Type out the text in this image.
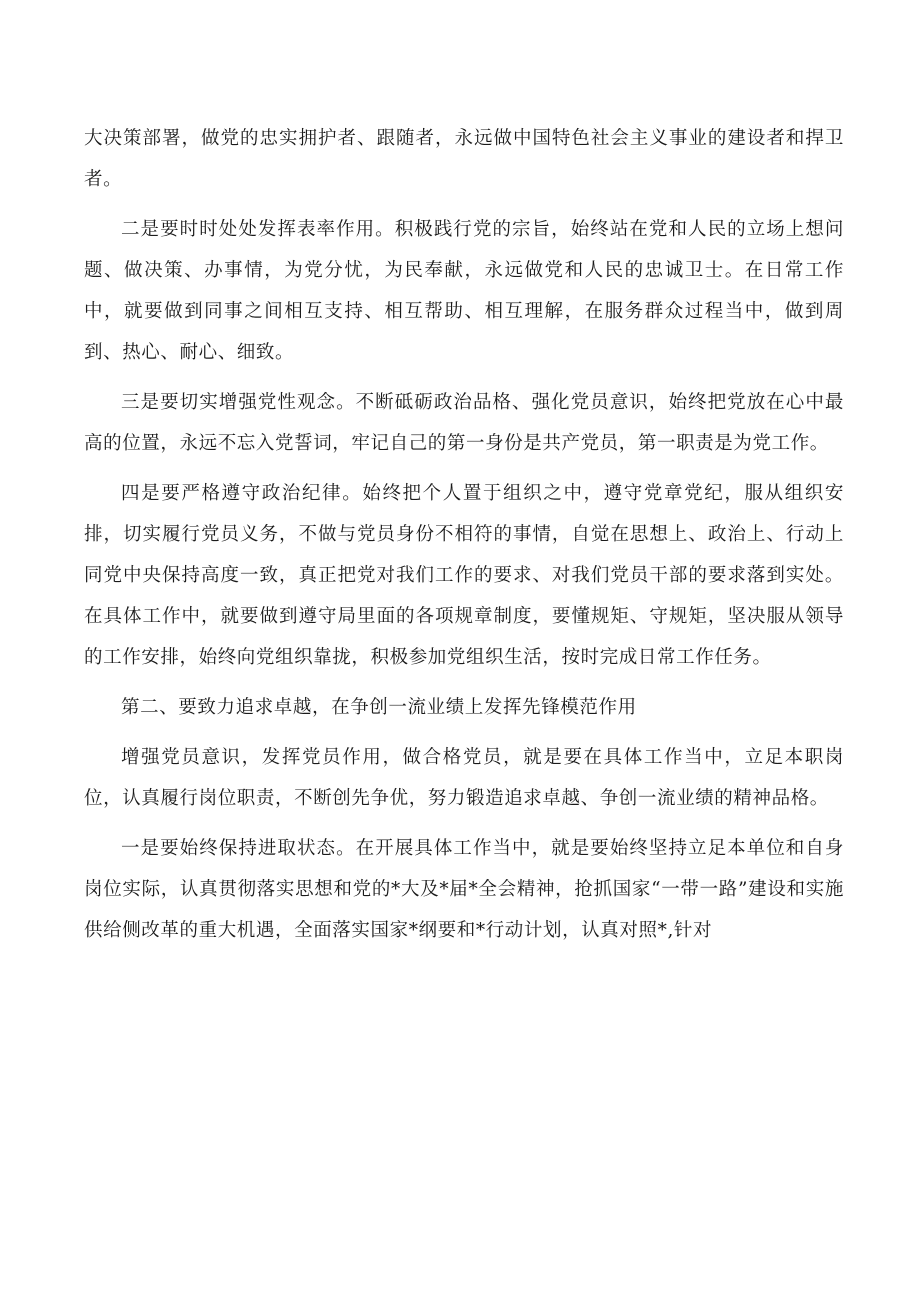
大决策部署，做党的忠实拥护者、跟随者，永远做中国特色社会主义事业的建设者和捍卫者。

二是要时时处处发挥表率作用。积极践行党的宗旨，始终站在党和人民的立场上想问题、做决策、办事情，为党分忧，为民奉献，永远做党和人民的忠诚卫士。在日常工作中，就要做到同事之间相互支持、相互帮助、相互理解，在服务群众过程当中，做到周到、热心、耐心、细致。

三是要切实增强党性观念。不断砥砺政治品格、强化党员意识，始终把党放在心中最高的位置，永远不忘入党誓词，牢记自己的第一身份是共产党员，第一职责是为党工作。

四是要严格遵守政治纪律。始终把个人置于组织之中，遵守党章党纪，服从组织安排，切实履行党员义务，不做与党员身份不相符的事情，自觉在思想上、政治上、行动上同党中央保持高度一致，真正把党对我们工作的要求、对我们党员干部的要求落到实处。在具体工作中，就要做到遵守局里面的各项规章制度，要懂规矩、守规矩，坚决服从领导的工作安排，始终向党组织靠拢，积极参加党组织生活，按时完成日常工作任务。

第二、要致力追求卓越，在争创一流业绩上发挥先锋模范作用

增强党员意识，发挥党员作用，做合格党员，就是要在具体工作当中，立足本职岗位，认真履行岗位职责，不断创先争优，努力锻造追求卓越、争创一流业绩的精神品格。

一是要始终保持进取状态。在开展具体工作当中，就是要始终坚持立足本单位和自身岗位实际，认真贯彻落实思想和党的*大及*届*全会精神，抢抓国家“一带一路”建设和实施供给侧改革的重大机遇，全面落实国家*纲要和*行动计划，认真对照*,针对
